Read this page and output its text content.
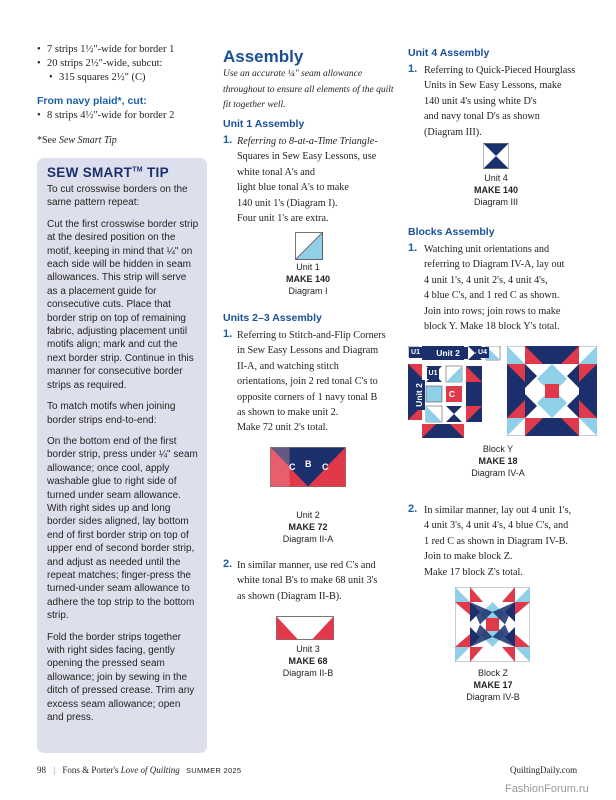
• 7 strips 1½"-wide for border 1
• 20 strips 2½"-wide, subcut:
• 315 squares 2½" (C)
From navy plaid*, cut:
• 8 strips 4½"-wide for border 2
*See Sew Smart Tip
SEW SMART™ TIP

To cut crosswise borders on the same pattern repeat:

Cut the first crosswise border strip at the desired position on the motif, keeping in mind that ¼" on each side will be hidden in seam allowances. This strip will serve as a placement guide for consecutive cuts. Place that border strip on top of remaining fabric, adjusting placement until motifs align; mark and cut the next border strip. Continue in this manner for consecutive border strips as required.

To match motifs when joining border strips end-to-end:

On the bottom end of the first border strip, press under ¼" seam allowance; once cool, apply washable glue to right side of turned under seam allowance. With right sides up and long border sides aligned, lay bottom end of first border strip on top of upper end of second border strip, and adjust as needed until the repeat matches; finger-press the turned-under seam allowance to adhere the top strip to the bottom strip.

Fold the border strips together with right sides facing, gently opening the pressed seam allowance; join by sewing in the ditch of pressed crease. Trim any excess seam allowance; open and press.

Assembly
Use an accurate ¼" seam allowance throughout to ensure all elements of the quilt fit together well.
Unit 1 Assembly
1. Referring to 8-at-a-Time Triangle-
Squares in Sew Easy Lessons, use
white tonal A's and
light blue tonal A's to make
140 unit 1's (Diagram I).
Four unit 1's are extra.
Unit 1
MAKE 140
Diagram I
Units 2–3 Assembly
1. Referring to Stitch-and-Flip Corners
in Sew Easy Lessons and Diagram
II-A, and watching stitch
orientations, join 2 red tonal C's to
opposite corners of 1 navy tonal B
as shown to make unit 2.
Make 72 unit 2's total.
C B C
Unit 2
MAKE 72
Diagram II-A
2. In similar manner, use red C's and
white tonal B's to make 68 unit 3's
as shown (Diagram II-B).
Unit 3
MAKE 68
Diagram II-B
Unit 4 Assembly
1. Referring to Quick-Pieced Hourglass
Units in Sew Easy Lessons, make
140 unit 4's using white D's
and navy tonal D's as shown
(Diagram III).
Unit 4
MAKE 140
Diagram III
Blocks Assembly
1. Watching unit orientations and
referring to Diagram IV-A, lay out
4 unit 1's, 4 unit 2's, 4 unit 4's,
4 blue C's, and 1 red C as shown.
Join into rows; join rows to make
block Y. Make 18 block Y's total.
U1	Unit 2	U4
Unit 2	C
U1
Block Y
MAKE 18
Diagram IV-A
2. In similar manner, lay out 4 unit 1's,
4 unit 3's, 4 unit 4's, 4 blue C's, and
1 red C as shown in Diagram IV-B.
Join to make block Z.
Make 17 block Z's total.
Unit 3
Block Z
MAKE 17
Diagram IV-B
98 | Fons & Porter's Love of Quilting SUMMER 2025	QuiltingDaily.com
FashionForum.ru
